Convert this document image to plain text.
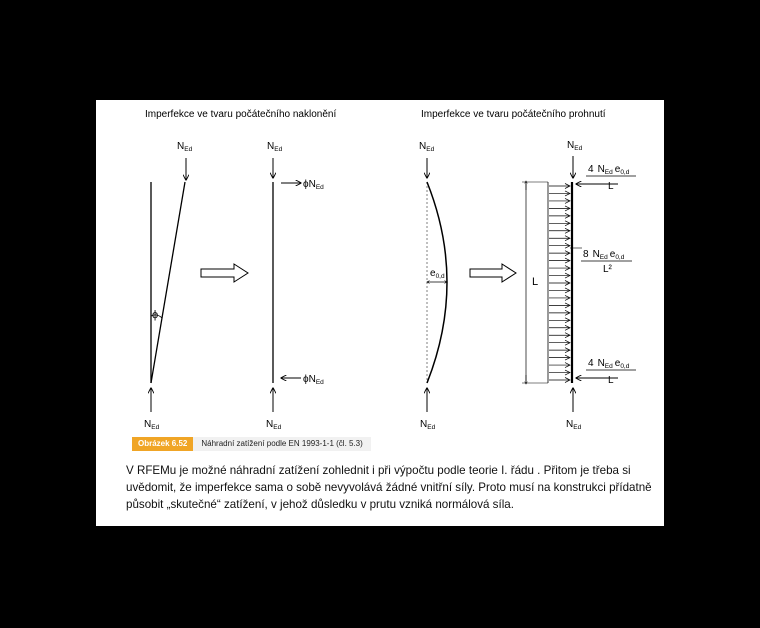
Imperfekce ve tvaru počátečního naklonění	Imperfekce ve tvaru počátečního prohnutí
$N_{Ed}$
ϕ
$N_{Ed}$
$N_{Ed}$
$\phi N_{Ed}$
$\phi N_{Ed}$
$N_{Ed}$
$N_{Ed}$
$e_{0,d}$
$N_{Ed}$
$N_{Ed}$
L
4 $N_{Ed}$ $e_{0,d}$
L
8 $N_{Ed}$ $e_{0,d}$
L²
4 $N_{Ed}$ $e_{0,d}$
L
$N_{Ed}$
Obrázek 6.52	Náhradní zatížení podle EN 1993-1-1 (čl. 5.3)

V RFEMu je možné náhradní zatížení zohlednit i při výpočtu podle teorie I. řádu . Přitom je třeba si
uvědomit, že imperfekce sama o sobě nevyvolává žádné vnitřní síly. Proto musí na konstrukci přídatně
působit „skutečné“ zatížení, v jehož důsledku v prutu vzniká normálová síla.
